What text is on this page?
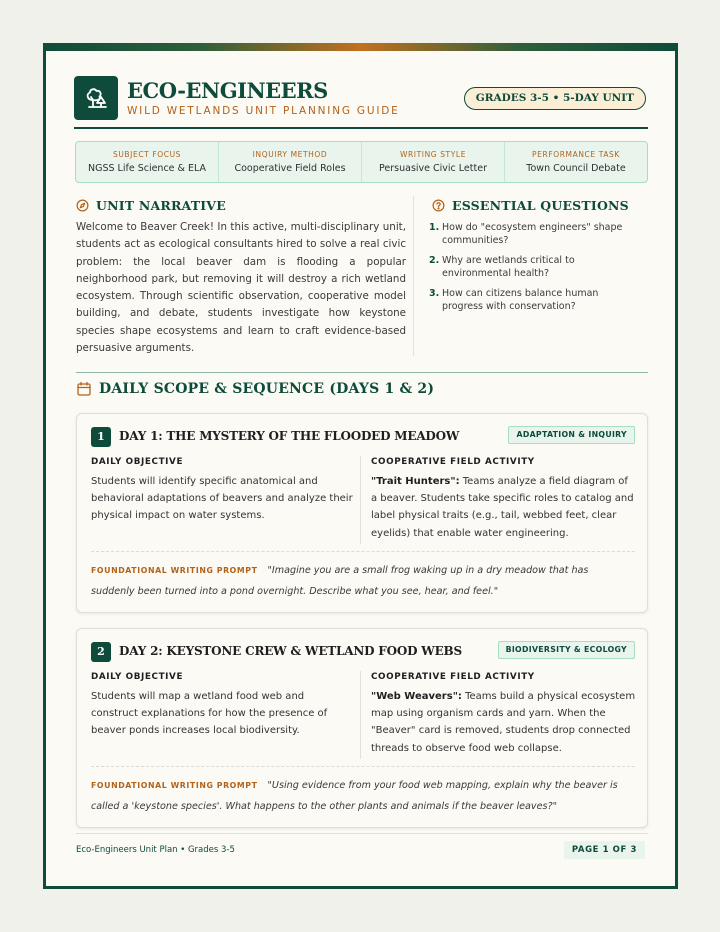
ECO-ENGINEERS
WILD WETLANDS UNIT PLANNING GUIDE
GRADES 3-5 • 5-DAY UNIT
SUBJECT FOCUS
NGSS Life Science & ELA
INQUIRY METHOD
Cooperative Field Roles
WRITING STYLE
Persuasive Civic Letter
PERFORMANCE TASK
Town Council Debate
UNIT NARRATIVE
Welcome to Beaver Creek! In this active, multi-disciplinary unit, students act as ecological consultants hired to solve a real civic problem: the local beaver dam is flooding a popular neighborhood park, but removing it will destroy a rich wetland ecosystem. Through scientific observation, cooperative model building, and debate, students investigate how keystone species shape ecosystems and learn to craft evidence-based persuasive arguments.
ESSENTIAL QUESTIONS
1. How do "ecosystem engineers" shape communities?
2. Why are wetlands critical to environmental health?
3. How can citizens balance human progress with conservation?
DAILY SCOPE & SEQUENCE (DAYS 1 & 2)
1	DAY 1: THE MYSTERY OF THE FLOODED MEADOW	ADAPTATION & INQUIRY
DAILY OBJECTIVE
Students will identify specific anatomical and behavioral adaptations of beavers and analyze their physical impact on water systems.
COOPERATIVE FIELD ACTIVITY
"Trait Hunters": Teams analyze a field diagram of a beaver. Students take specific roles to catalog and label physical traits (e.g., tail, webbed feet, clear eyelids) that enable water engineering.
FOUNDATIONAL WRITING PROMPT "Imagine you are a small frog waking up in a dry meadow that has suddenly been turned into a pond overnight. Describe what you see, hear, and feel."
2	DAY 2: KEYSTONE CREW & WETLAND FOOD WEBS	BIODIVERSITY & ECOLOGY
DAILY OBJECTIVE
Students will map a wetland food web and construct explanations for how the presence of beaver ponds increases local biodiversity.
COOPERATIVE FIELD ACTIVITY
"Web Weavers": Teams build a physical ecosystem map using organism cards and yarn. When the "Beaver" card is removed, students drop connected threads to observe food web collapse.
FOUNDATIONAL WRITING PROMPT "Using evidence from your food web mapping, explain why the beaver is called a 'keystone species'. What happens to the other plants and animals if the beaver leaves?"
Eco-Engineers Unit Plan • Grades 3-5	PAGE 1 OF 3
